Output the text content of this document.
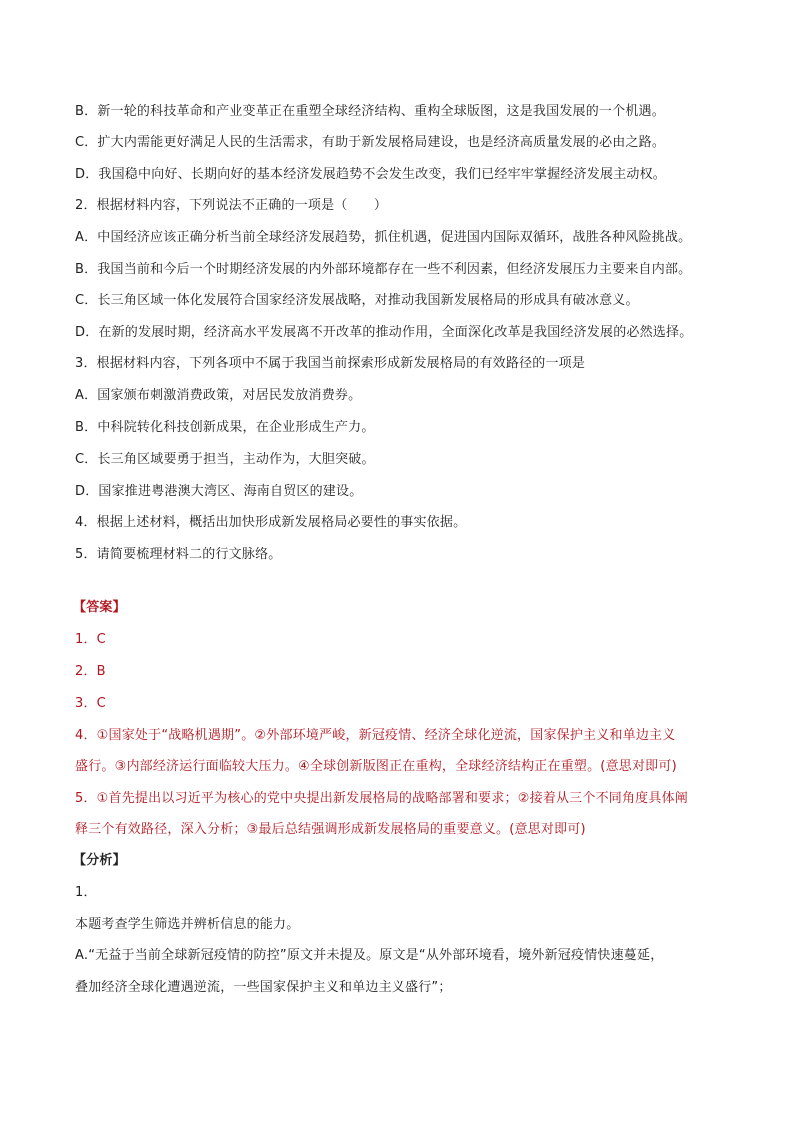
B．新一轮的科技革命和产业变革正在重塑全球经济结构、重构全球版图，这是我国发展的一个机遇。
C．扩大内需能更好满足人民的生活需求，有助于新发展格局建设，也是经济高质量发展的必由之路。
D．我国稳中向好、长期向好的基本经济发展趋势不会发生改变，我们已经牢牢掌握经济发展主动权。
2．根据材料内容，下列说法不正确的一项是（　　）
A．中国经济应该正确分析当前全球经济发展趋势，抓住机遇，促进国内国际双循环，战胜各种风险挑战。
B．我国当前和今后一个时期经济发展的内外部环境都存在一些不利因素，但经济发展压力主要来自内部。
C．长三角区域一体化发展符合国家经济发展战略，对推动我国新发展格局的形成具有破冰意义。
D．在新的发展时期，经济高水平发展离不开改革的推动作用，全面深化改革是我国经济发展的必然选择。
3．根据材料内容，下列各项中不属于我国当前探索形成新发展格局的有效路径的一项是
A．国家颁布刺激消费政策，对居民发放消费券。
B．中科院转化科技创新成果，在企业形成生产力。
C．长三角区域要勇于担当，主动作为，大胆突破。
D．国家推进粤港澳大湾区、海南自贸区的建设。
4．根据上述材料，概括出加快形成新发展格局必要性的事实依据。
5．请简要梳理材料二的行文脉络。
【答案】
1．C
2．B
3．C
4．①国家处于“战略机遇期”。②外部环境严峻，新冠疫情、经济全球化逆流，国家保护主义和单边主义
盛行。③内部经济运行面临较大压力。④全球创新版图正在重构，全球经济结构正在重塑。(意思对即可)
5．①首先提出以习近平为核心的党中央提出新发展格局的战略部署和要求；②接着从三个不同角度具体阐
释三个有效路径，深入分析；③最后总结强调形成新发展格局的重要意义。(意思对即可)
【分析】
1．
本题考查学生筛选并辨析信息的能力。
A.“无益于当前全球新冠疫情的防控”原文并未提及。原文是“从外部环境看，境外新冠疫情快速蔓延，
叠加经济全球化遭遇逆流，一些国家保护主义和单边主义盛行”；
